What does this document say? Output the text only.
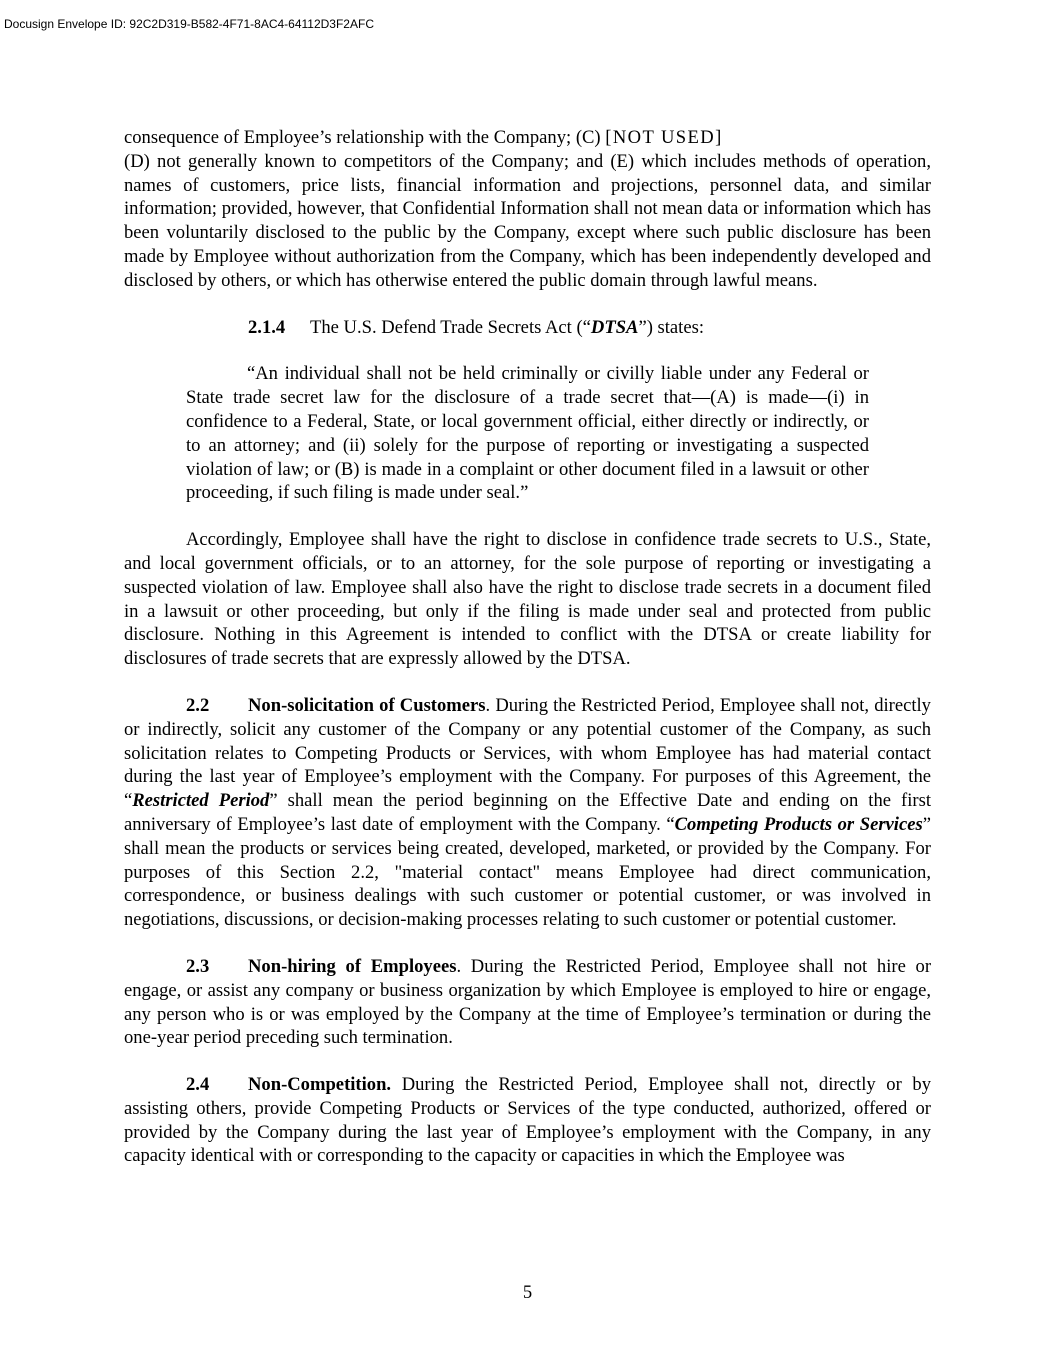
Docusign Envelope ID: 92C2D319-B582-4F71-8AC4-64112D3F2AFC

consequence of Employee’s relationship with the Company; (C) [NOT USED]

(D) not generally known to competitors of the Company; and (E) which includes methods of operation, names of customers, price lists, financial information and projections, personnel data, and similar information; provided, however, that Confidential Information shall not mean data or information which has been voluntarily disclosed to the public by the Company, except where such public disclosure has been made by Employee without authorization from the Company, which has been independently developed and disclosed by others, or which has otherwise entered the public domain through lawful means.

2.1.4 The U.S. Defend Trade Secrets Act (“DTSA”) states:

“An individual shall not be held criminally or civilly liable under any Federal or State trade secret law for the disclosure of a trade secret that—(A) is made—(i) in confidence to a Federal, State, or local government official, either directly or indirectly, or to an attorney; and (ii) solely for the purpose of reporting or investigating a suspected violation of law; or (B) is made in a complaint or other document filed in a lawsuit or other proceeding, if such filing is made under seal.”

Accordingly, Employee shall have the right to disclose in confidence trade secrets to U.S., State, and local government officials, or to an attorney, for the sole purpose of reporting or investigating a suspected violation of law. Employee shall also have the right to disclose trade secrets in a document filed in a lawsuit or other proceeding, but only if the filing is made under seal and protected from public disclosure. Nothing in this Agreement is intended to conflict with the DTSA or create liability for disclosures of trade secrets that are expressly allowed by the DTSA.

2.2 Non-solicitation of Customers. During the Restricted Period, Employee shall not, directly or indirectly, solicit any customer of the Company or any potential customer of the Company, as such solicitation relates to Competing Products or Services, with whom Employee has had material contact during the last year of Employee’s employment with the Company. For purposes of this Agreement, the “Restricted Period” shall mean the period beginning on the Effective Date and ending on the first anniversary of Employee’s last date of employment with the Company. “Competing Products or Services” shall mean the products or services being created, developed, marketed, or provided by the Company. For purposes of this Section 2.2, "material contact" means Employee had direct communication, correspondence, or business dealings with such customer or potential customer, or was involved in negotiations, discussions, or decision-making processes relating to such customer or potential customer.

2.3 Non-hiring of Employees. During the Restricted Period, Employee shall not hire or engage, or assist any company or business organization by which Employee is employed to hire or engage, any person who is or was employed by the Company at the time of Employee’s termination or during the one-year period preceding such termination.

2.4 Non-Competition. During the Restricted Period, Employee shall not, directly or by assisting others, provide Competing Products or Services of the type conducted, authorized, offered or provided by the Company during the last year of Employee’s employment with the Company, in any capacity identical with or corresponding to the capacity or capacities in which the Employee was

5
